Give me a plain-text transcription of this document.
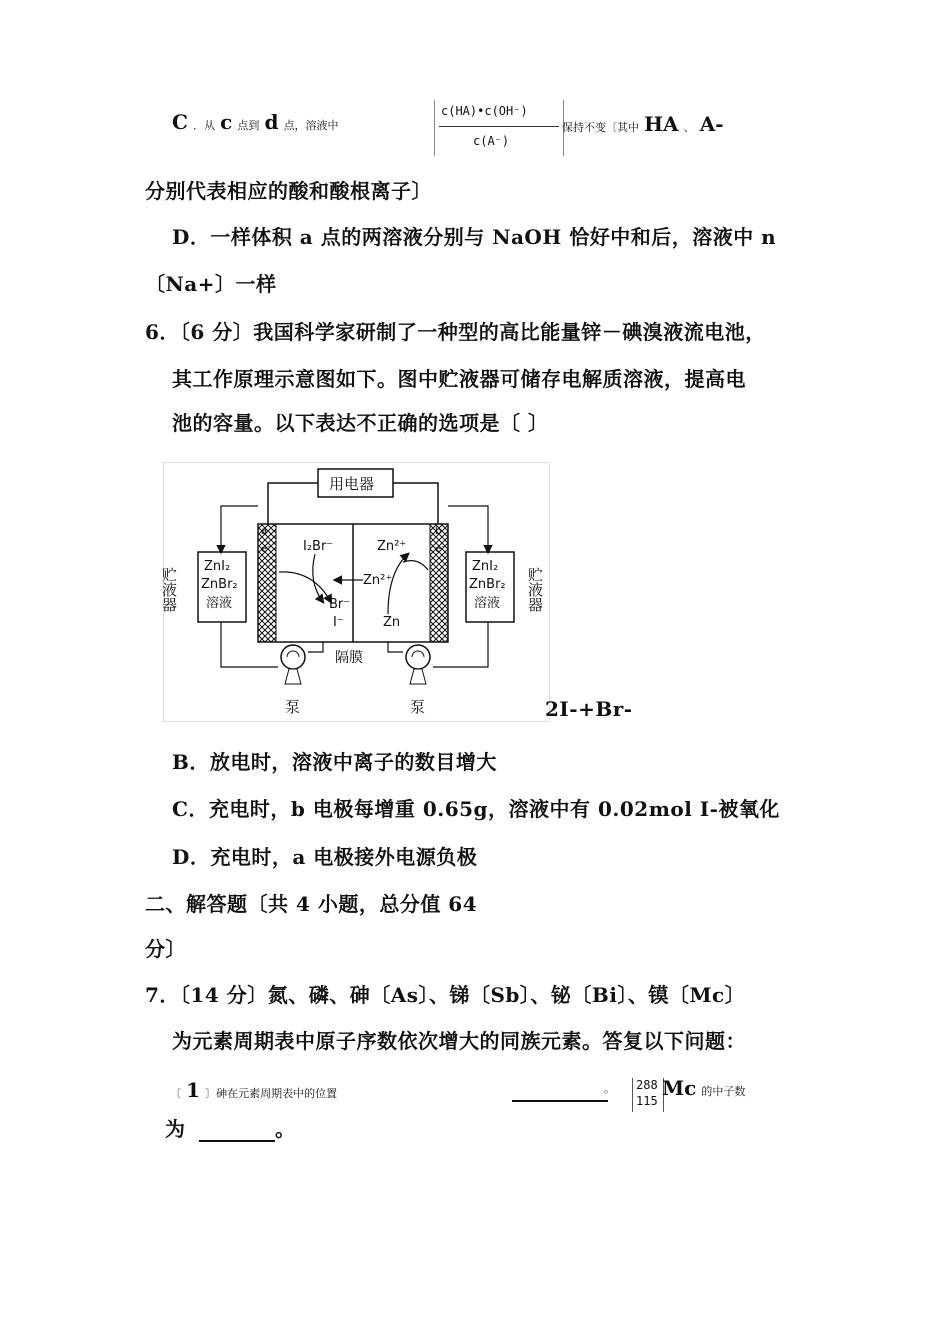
C ．从 c 点到 d 点，溶液中
c(HA)•c(OH⁻)
c(A⁻)
保持不变〔其中 HA 、 A-
分别代表相应的酸和酸根离子〕
D．一样体积 a 点的两溶液分别与 NaOH 恰好中和后，溶液中 n
〔Na+〕一样
6．〔6 分〕我国科学家研制了一种型的高比能量锌－碘溴液流电池，
其工作原理示意图如下。图中贮液器可储存电解质溶液，提高电
池的容量。以下表达不正确的选项是〔 〕
用电器
a	b
e⁻	e⁻
I₂Br⁻
Br⁻
I⁻
Zn²⁺
Zn²⁺
Zn
ZnI₂
ZnBr₂
溶液
贮液器
ZnI₂
ZnBr₂
溶液 贮液器
泵	泵
隔膜
2I-+Br-
B．放电时，溶液中离子的数目增大
C．充电时，b 电极每增重 0.65g，溶液中有 0.02mol I-被氧化
D．充电时，a 电极接外电源负极
二、解答题〔共 4 小题，总分值 64
分〕
7．〔14 分〕氮、磷、砷〔As〕、锑〔Sb〕、铋〔Bi〕、镆〔Mc〕
为元素周期表中原子序数依次增大的同族元素。答复以下问题：
〔 1 〕砷在元素周期表中的位置	。 288
115
Mc 的中子数
为	。
